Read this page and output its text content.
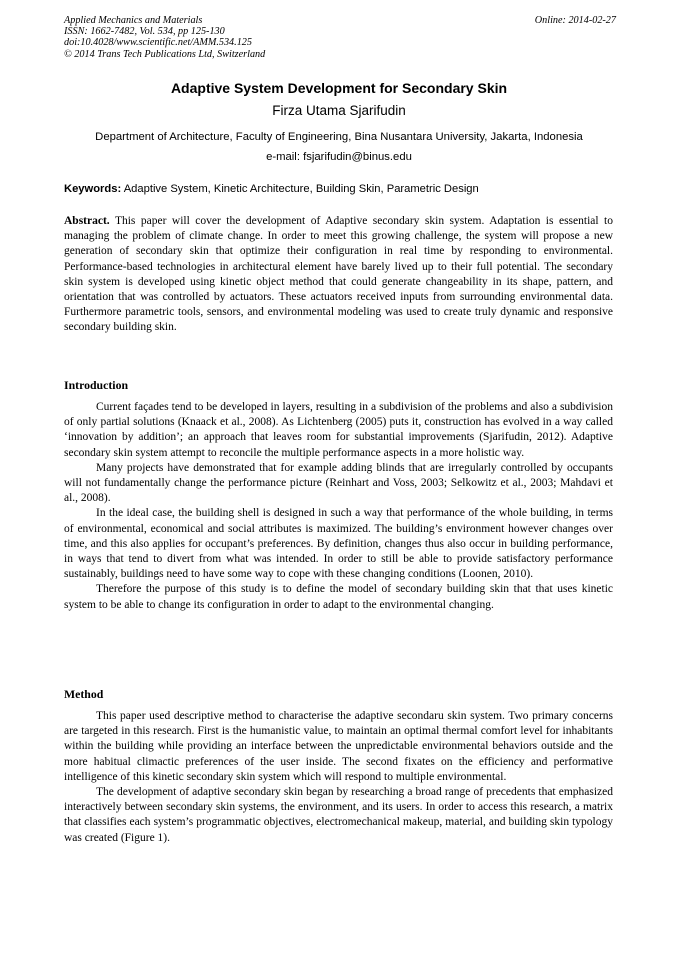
Applied Mechanics and Materials
ISSN: 1662-7482, Vol. 534, pp 125-130
doi:10.4028/www.scientific.net/AMM.534.125
© 2014 Trans Tech Publications Ltd, Switzerland
Online: 2014-02-27
Adaptive System Development for Secondary Skin
Firza Utama Sjarifudin
Department of Architecture, Faculty of Engineering, Bina Nusantara University, Jakarta, Indonesia
e-mail: fsjarifudin@binus.edu
Keywords: Adaptive System, Kinetic Architecture, Building Skin, Parametric Design
Abstract. This paper will cover the development of Adaptive secondary skin system. Adaptation is essential to managing the problem of climate change. In order to meet this growing challenge, the system will propose a new generation of secondary skin that optimize their configuration in real time by responding to environmental. Performance-based technologies in architectural element have barely lived up to their full potential. The secondary skin system is developed using kinetic object method that could generate changeability in its shape, pattern, and orientation that was controlled by actuators. These actuators received inputs from surrounding environmental data. Furthermore parametric tools, sensors, and environmental modeling was used to create truly dynamic and responsive secondary building skin.
Introduction

Current façades tend to be developed in layers, resulting in a subdivision of the problems and also a subdivision of only partial solutions (Knaack et al., 2008). As Lichtenberg (2005) puts it, construction has evolved in a way called ‘innovation by addition’; an approach that leaves room for substantial improvements (Sjarifudin, 2012). Adaptive secondary skin system attempt to reconcile the multiple performance aspects in a more holistic way.

Many projects have demonstrated that for example adding blinds that are irregularly controlled by occupants will not fundamentally change the performance picture (Reinhart and Voss, 2003; Selkowitz et al., 2003; Mahdavi et al., 2008).

In the ideal case, the building shell is designed in such a way that performance of the whole building, in terms of environmental, economical and social attributes is maximized. The building’s environment however changes over time, and this also applies for occupant’s preferences. By definition, changes thus also occur in building performance, in ways that tend to divert from what was intended. In order to still be able to provide satisfactory performance sustainably, buildings need to have some way to cope with these changing conditions (Loonen, 2010).

Therefore the purpose of this study is to define the model of secondary building skin that that uses kinetic system to be able to change its configuration in order to adapt to the environmental changing.

Method

This paper used descriptive method to characterise the adaptive secondaru skin system. Two primary concerns are targeted in this research. First is the humanistic value, to maintain an optimal thermal comfort level for inhabitants within the building while providing an interface between the unpredictable environmental behaviors outside and the more habitual climactic preferences of the user inside. The second fixates on the efficiency and performative intelligence of this kinetic secondary skin system which will respond to multiple environmental.

The development of adaptive secondary skin began by researching a broad range of precedents that emphasized interactively between secondary skin systems, the environment, and its users. In order to access this research, a matrix that classifies each system’s programmatic objectives, electromechanical makeup, material, and building skin typology was created (Figure 1).
